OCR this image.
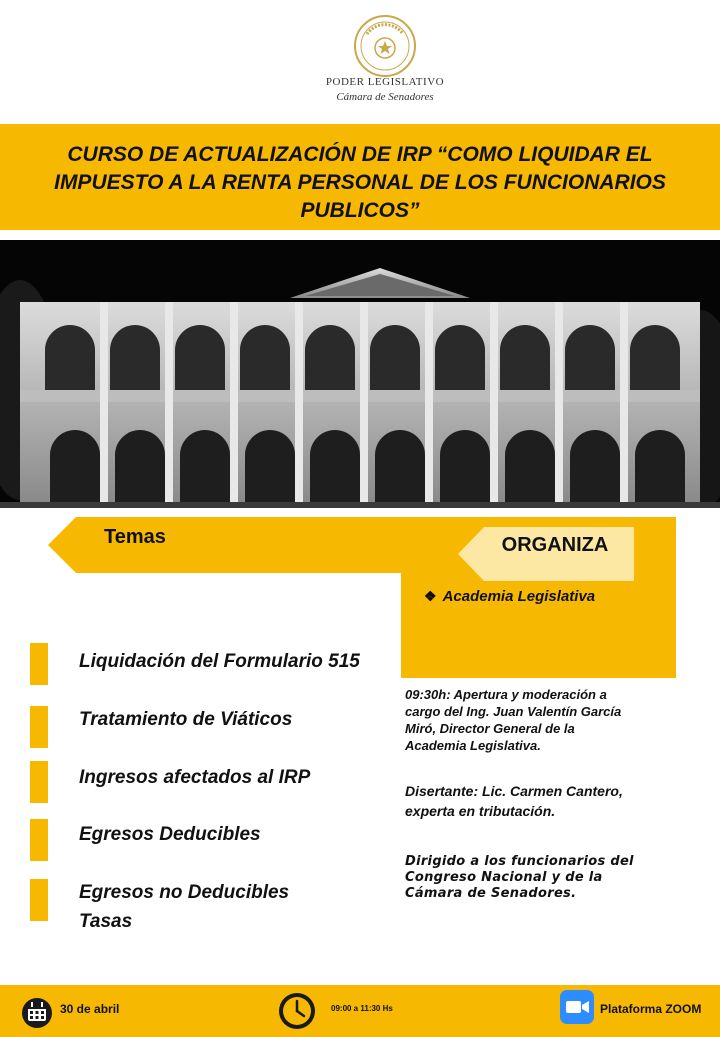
PODER LEGISLATIVO
Cámara de Senadores
CURSO DE ACTUALIZACIÓN DE IRP “COMO LIQUIDAR EL
IMPUESTO A LA RENTA PERSONAL DE LOS FUNCIONARIOS
PUBLICOS”
Temas	ORGANIZA
❖ Academia Legislativa
Liquidación del Formulario 515
Tratamiento de Viáticos
Ingresos afectados al IRP
Egresos Deducibles
Egresos no Deducibles
Tasas
09:30h: Apertura y moderación a
cargo del Ing. Juan Valentín García
Miró, Director General de la
Academia Legislativa.
Disertante: Lic. Carmen Cantero,
experta en tributación.
Dirigido a los funcionarios del
Congreso Nacional y de la
Cámara de Senadores.
30 de abril	09:00 a 11:30 Hs	Plataforma ZOOM
